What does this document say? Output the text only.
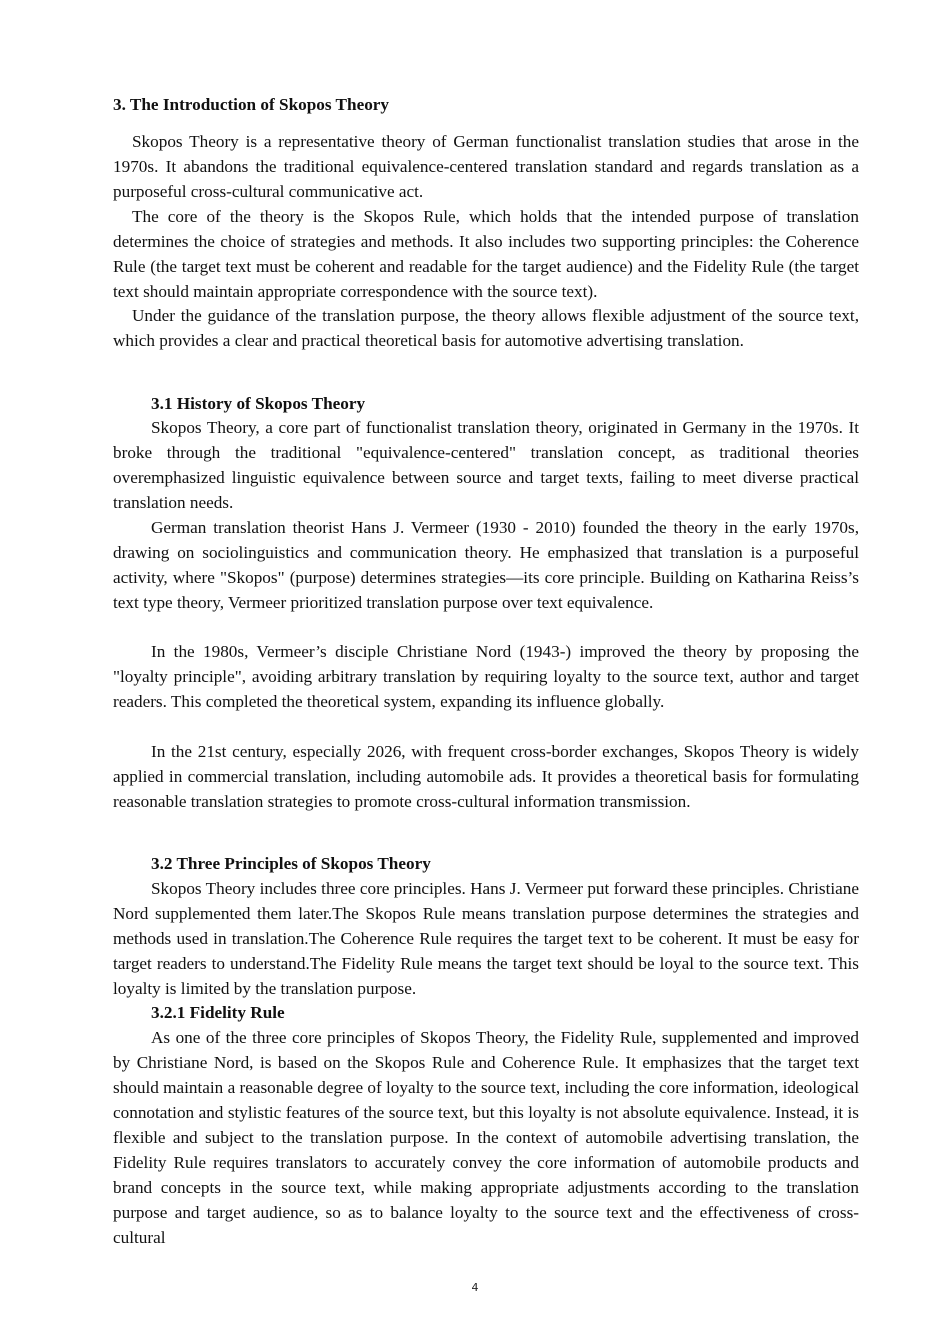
3. The Introduction of Skopos Theory

Skopos Theory is a representative theory of German functionalist translation studies that arose in the 1970s. It abandons the traditional equivalence-centered translation standard and regards translation as a purposeful cross-cultural communicative act.

The core of the theory is the Skopos Rule, which holds that the intended purpose of translation determines the choice of strategies and methods. It also includes two supporting principles: the Coherence Rule (the target text must be coherent and readable for the target audience) and the Fidelity Rule (the target text should maintain appropriate correspondence with the source text).

Under the guidance of the translation purpose, the theory allows flexible adjustment of the source text, which provides a clear and practical theoretical basis for automotive advertising translation.

3.1 History of Skopos Theory

Skopos Theory, a core part of functionalist translation theory, originated in Germany in the 1970s. It broke through the traditional "equivalence-centered" translation concept, as traditional theories overemphasized linguistic equivalence between source and target texts, failing to meet diverse practical translation needs.

German translation theorist Hans J. Vermeer (1930 - 2010) founded the theory in the early 1970s, drawing on sociolinguistics and communication theory. He emphasized that translation is a purposeful activity, where "Skopos" (purpose) determines strategies—its core principle. Building on Katharina Reiss’s text type theory, Vermeer prioritized translation purpose over text equivalence.

In the 1980s, Vermeer’s disciple Christiane Nord (1943-) improved the theory by proposing the "loyalty principle", avoiding arbitrary translation by requiring loyalty to the source text, author and target readers. This completed the theoretical system, expanding its influence globally.

In the 21st century, especially 2026, with frequent cross-border exchanges, Skopos Theory is widely applied in commercial translation, including automobile ads. It provides a theoretical basis for formulating reasonable translation strategies to promote cross-cultural information transmission.

3.2 Three Principles of Skopos Theory

Skopos Theory includes three core principles. Hans J. Vermeer put forward these principles. Christiane Nord supplemented them later.The Skopos Rule means translation purpose determines the strategies and methods used in translation.The Coherence Rule requires the target text to be coherent. It must be easy for target readers to understand.The Fidelity Rule means the target text should be loyal to the source text. This loyalty is limited by the translation purpose.

3.2.1 Fidelity Rule

As one of the three core principles of Skopos Theory, the Fidelity Rule, supplemented and improved by Christiane Nord, is based on the Skopos Rule and Coherence Rule. It emphasizes that the target text should maintain a reasonable degree of loyalty to the source text, including the core information, ideological connotation and stylistic features of the source text, but this loyalty is not absolute equivalence. Instead, it is flexible and subject to the translation purpose. In the context of automobile advertising translation, the Fidelity Rule requires translators to accurately convey the core information of automobile products and brand concepts in the source text, while making appropriate adjustments according to the translation purpose and target audience, so as to balance loyalty to the source text and the effectiveness of cross-cultural

4
